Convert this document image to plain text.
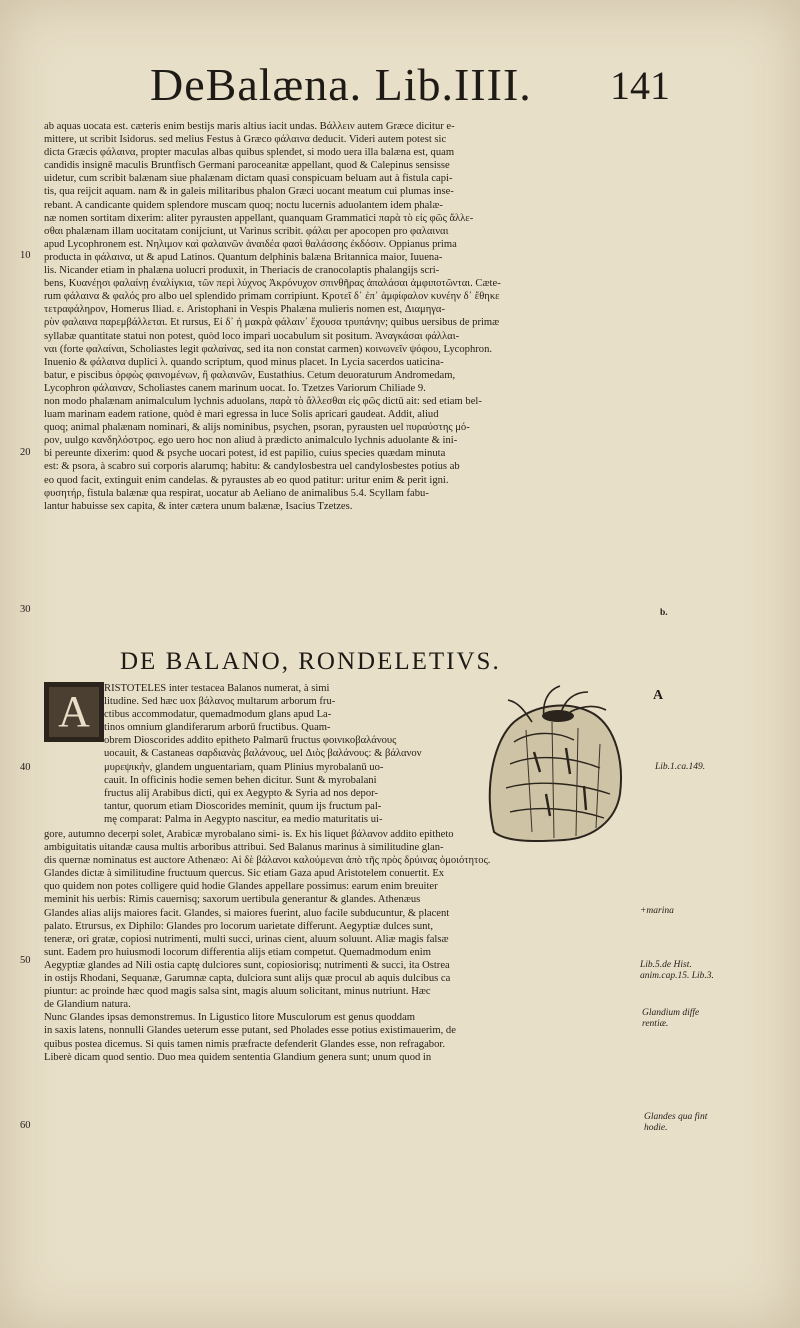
DeBalæna. Lib.IIII. 141

ab aquas uocata est. cæteris enim bestijs maris altius iacit undas. Βάλλειν autem Græce dicitur e-

mittere, ut scribit Isidorus. sed melius Festus à Græco φάλαινα deducit. Videri autem potest sic

dicta Græcis φάλαινα, propter maculas albas quibus splendet, si modo uera illa balæna est, quam

candidis insignē maculis Bruntfisch Germani paroceanitæ appellant, quod & Calepinus sensisse

uidetur, cum scribit balænam siue phalænam dictam quasi conspicuam beluam aut à fistula capi-

tis, qua reijcit aquam. nam & in galeis militaribus phalon Græci uocant meatum cui plumas inse-

rebant. A candicante quidem splendore muscam quoq; noctu lucernis aduolantem idem phalæ-

næ nomen sortitam dixerim: aliter pyrausten appellant, quanquam Grammatici παρὰ τὸ εἰς φῶς ἄλλε-

σθαι phalænam illam uocitatam conijciunt, ut Varinus scribit. φάλαι per apocopen pro φαλαιναι

apud Lycophronem est. Νηλιμον καὶ φαλαινῶν ἀναιδέα φασὶ θαλάσσης ἐκδόσιν. Oppianus prima

producta in φάλαινα, ut & apud Latinos. Quantum delphinis balæna Britannica maior, Iuuena-

lis. Nicander etiam in phalæna uolucri produxit, in Theriacis de cranocolaptis phalangijs scri-

bens, Κυανέῃσι φαλαίνῃ ἐναλίγκια, τῶν περὶ λύχνος Ἀκρόνυχον σπινθῆρας ἀπαλάσαι ἀμφιποτῶνται. Cæte-

rum φάλαινα & φαλός pro albo uel splendido primam corripiunt. Κροτεῖ δ᾽ ἐπ᾽ ἀμφίφαλον κυνέην δ᾽ ἔθηκε

τετραφάληρον, Homerus Iliad. ε. Aristophani in Vespis Phalæna mulieris nomen est, Διαμηγα-

ρὺν φαλαινα παρεμβάλλεται. Et rursus, Εἰ δ᾽ ἡ μακρὰ φάλαιν᾽ ἔχουσα τρυπάνην; quibus uersibus de primæ

syllabæ quantitate statui non potest, quòd loco impari uocabulum sit positum. Ἀναγκάσαι φάλλαι-

ναι (forte φαλαίναι, Scholiastes legit φαλαίνας, sed ita non constat carmen) κοινωνεῖν ψόφου, Lycophron.

Inuenio & φάλαινα duplici λ. quando scriptum, quod minus placet. In Lycia sacerdos uaticina-

batur, e piscibus ὀρφὼς φαινομένων, ἢ φαλαινῶν, Eustathius. Cetum deuoraturum Andromedam,

Lycophron φάλαιναν, Scholiastes canem marinum uocat. Io. Tzetzes Variorum Chiliade 9.

non modo phalænam animalculum lychnis aduolans, παρὰ τὸ ἄλλεσθαι εἰς φῶς dictū ait: sed etiam bel-

luam marinam eadem ratione, quòd è mari egressa in luce Solis apricari gaudeat. Addit, aliud

quoq; animal phalænam nominari, & alijs nominibus, psychen, psoran, pyrausten uel πυραύστης μό-

ρον, uulgo κανδηλόστρος. ego uero hoc non aliud à prædicto animalculo lychnis aduolante & ini-

bi pereunte dixerim: quod & psyche uocari potest, id est papilio, cuius species quædam minuta

est: & psora, à scabro sui corporis alarumq; habitu: & candylosbestra uel candylosbestes potius ab

eo quod facit, extinguit enim candelas. & pyraustes ab eo quod patitur: uritur enim & perit igni.

φυσητήρ, fistula balænæ qua respirat, uocatur ab Aeliano de animalibus 5.4. Scyllam fabu-

lantur habuisse sex capita, & inter cætera unum balænæ, Isacius Tzetzes.

10
20
30
40
50
60
b.
A
Lib.1.ca.149.
+marina
Lib.5.de Hist. anim.cap.15. Lib.3.
Glandium diffe rentiæ.
Glandes qua fint hodie.
DE BALANO, RONDELETIVS.
A	RISTOTELES inter testacea Balanos numerat, à simi

litudine. Sed hæc uox βάλανος multarum arborum fru-

ctibus accommodatur, quemadmodum glans apud La-

tinos omnium glandiferarum arborū fructibus. Quam-

obrem Dioscorides addito epitheto Palmarū fructus φοινικοβαλάνους

uocauit, & Castaneas σαρδιανὰς βαλάνους, uel Διὸς βαλάνους: & βάλανον

μυρεψικὴν, glandem unguentariam, quam Plinius myrobalanū uo-

cauit. In officinis hodie semen behen dicitur. Sunt & myrobalani

fructus alij Arabibus dicti, qui ex Aegypto & Syria ad nos depor-

tantur, quorum etiam Dioscorides meminit, quum ijs fructum pal-

mę comparat: Palma in Aegypto nascitur, ea medio maturitatis ui-

gore, autumno decerpi solet, Arabicæ myrobalano simi- is. Ex his liquet βάλανον addito epitheto

ambiguitatis uitandæ causa multis arboribus attribui. Sed Balanus marinus à similitudine glan-

dis quernæ nominatus est auctore Athenæo: Αἱ δὲ βάλανοι καλούμεναι ἀπὸ τῆς πρὸς δρύινας ὁμοιότητος.

Glandes dictæ à similitudine fructuum quercus. Sic etiam Gaza apud Aristotelem conuertit. Ex

quo quidem non potes colligere quid hodie Glandes appellare possimus: earum enim breuiter

meminit his uerbis: Rimis cauernisq; saxorum uertibula generantur & glandes. Athenæus

Glandes alias alijs maiores facit. Glandes, si maiores fuerint, aluo facile subducuntur, & placent

palato. Etrursus, ex Diphilo: Glandes pro locorum uarietate differunt. Aegyptiæ dulces sunt,

teneræ, ori gratæ, copiosi nutrimenti, multi succi, urinas cient, aluum soluunt. Aliæ magis falsæ

sunt. Eadem pro huiusmodi locorum differentia alijs etiam competut. Quemadmodum enim

Aegyptiæ glandes ad Nili ostia captę dulciores sunt, copiosiorisq; nutrimenti & succi, ita Ostrea

in ostijs Rhodani, Sequanæ, Garumnæ capta, dulciora sunt alijs quæ procul ab aquis dulcibus ca

piuntur: ac proinde hæc quod magis salsa sint, magis aluum solicitant, minus nutriunt. Hæc

de Glandium natura.

Nunc Glandes ipsas demonstremus. In Ligustico litore Musculorum est genus quoddam

in saxis latens, nonnulli Glandes ueterum esse putant, sed Pholades esse potius existimauerim, de

quibus postea dicemus. Si quis tamen nimis præfracte defenderit Glandes esse, non refragabor.

Liberè dicam quod sentio. Duo mea quidem sententia Glandium genera sunt; unum quod in
